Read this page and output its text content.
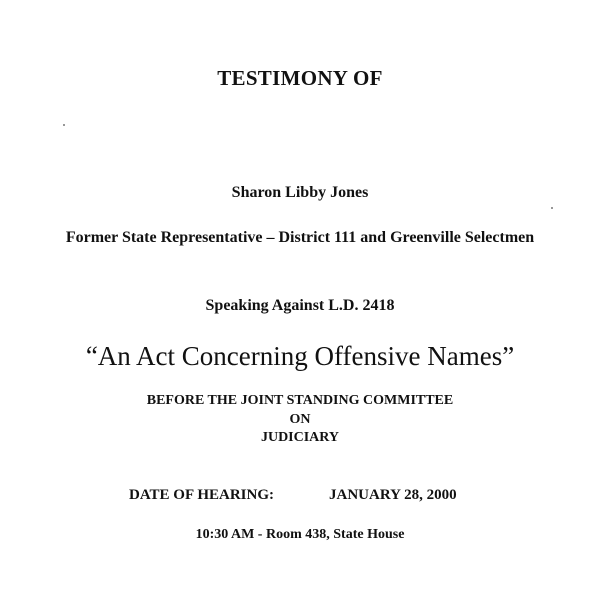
TESTIMONY OF
Sharon Libby Jones
Former State Representative – District 111 and Greenville Selectmen
Speaking Against L.D. 2418
“An Act Concerning Offensive Names”
BEFORE THE JOINT STANDING COMMITTEE
ON
JUDICIARY
DATE OF HEARING:	JANUARY 28, 2000
10:30 AM - Room 438, State House
